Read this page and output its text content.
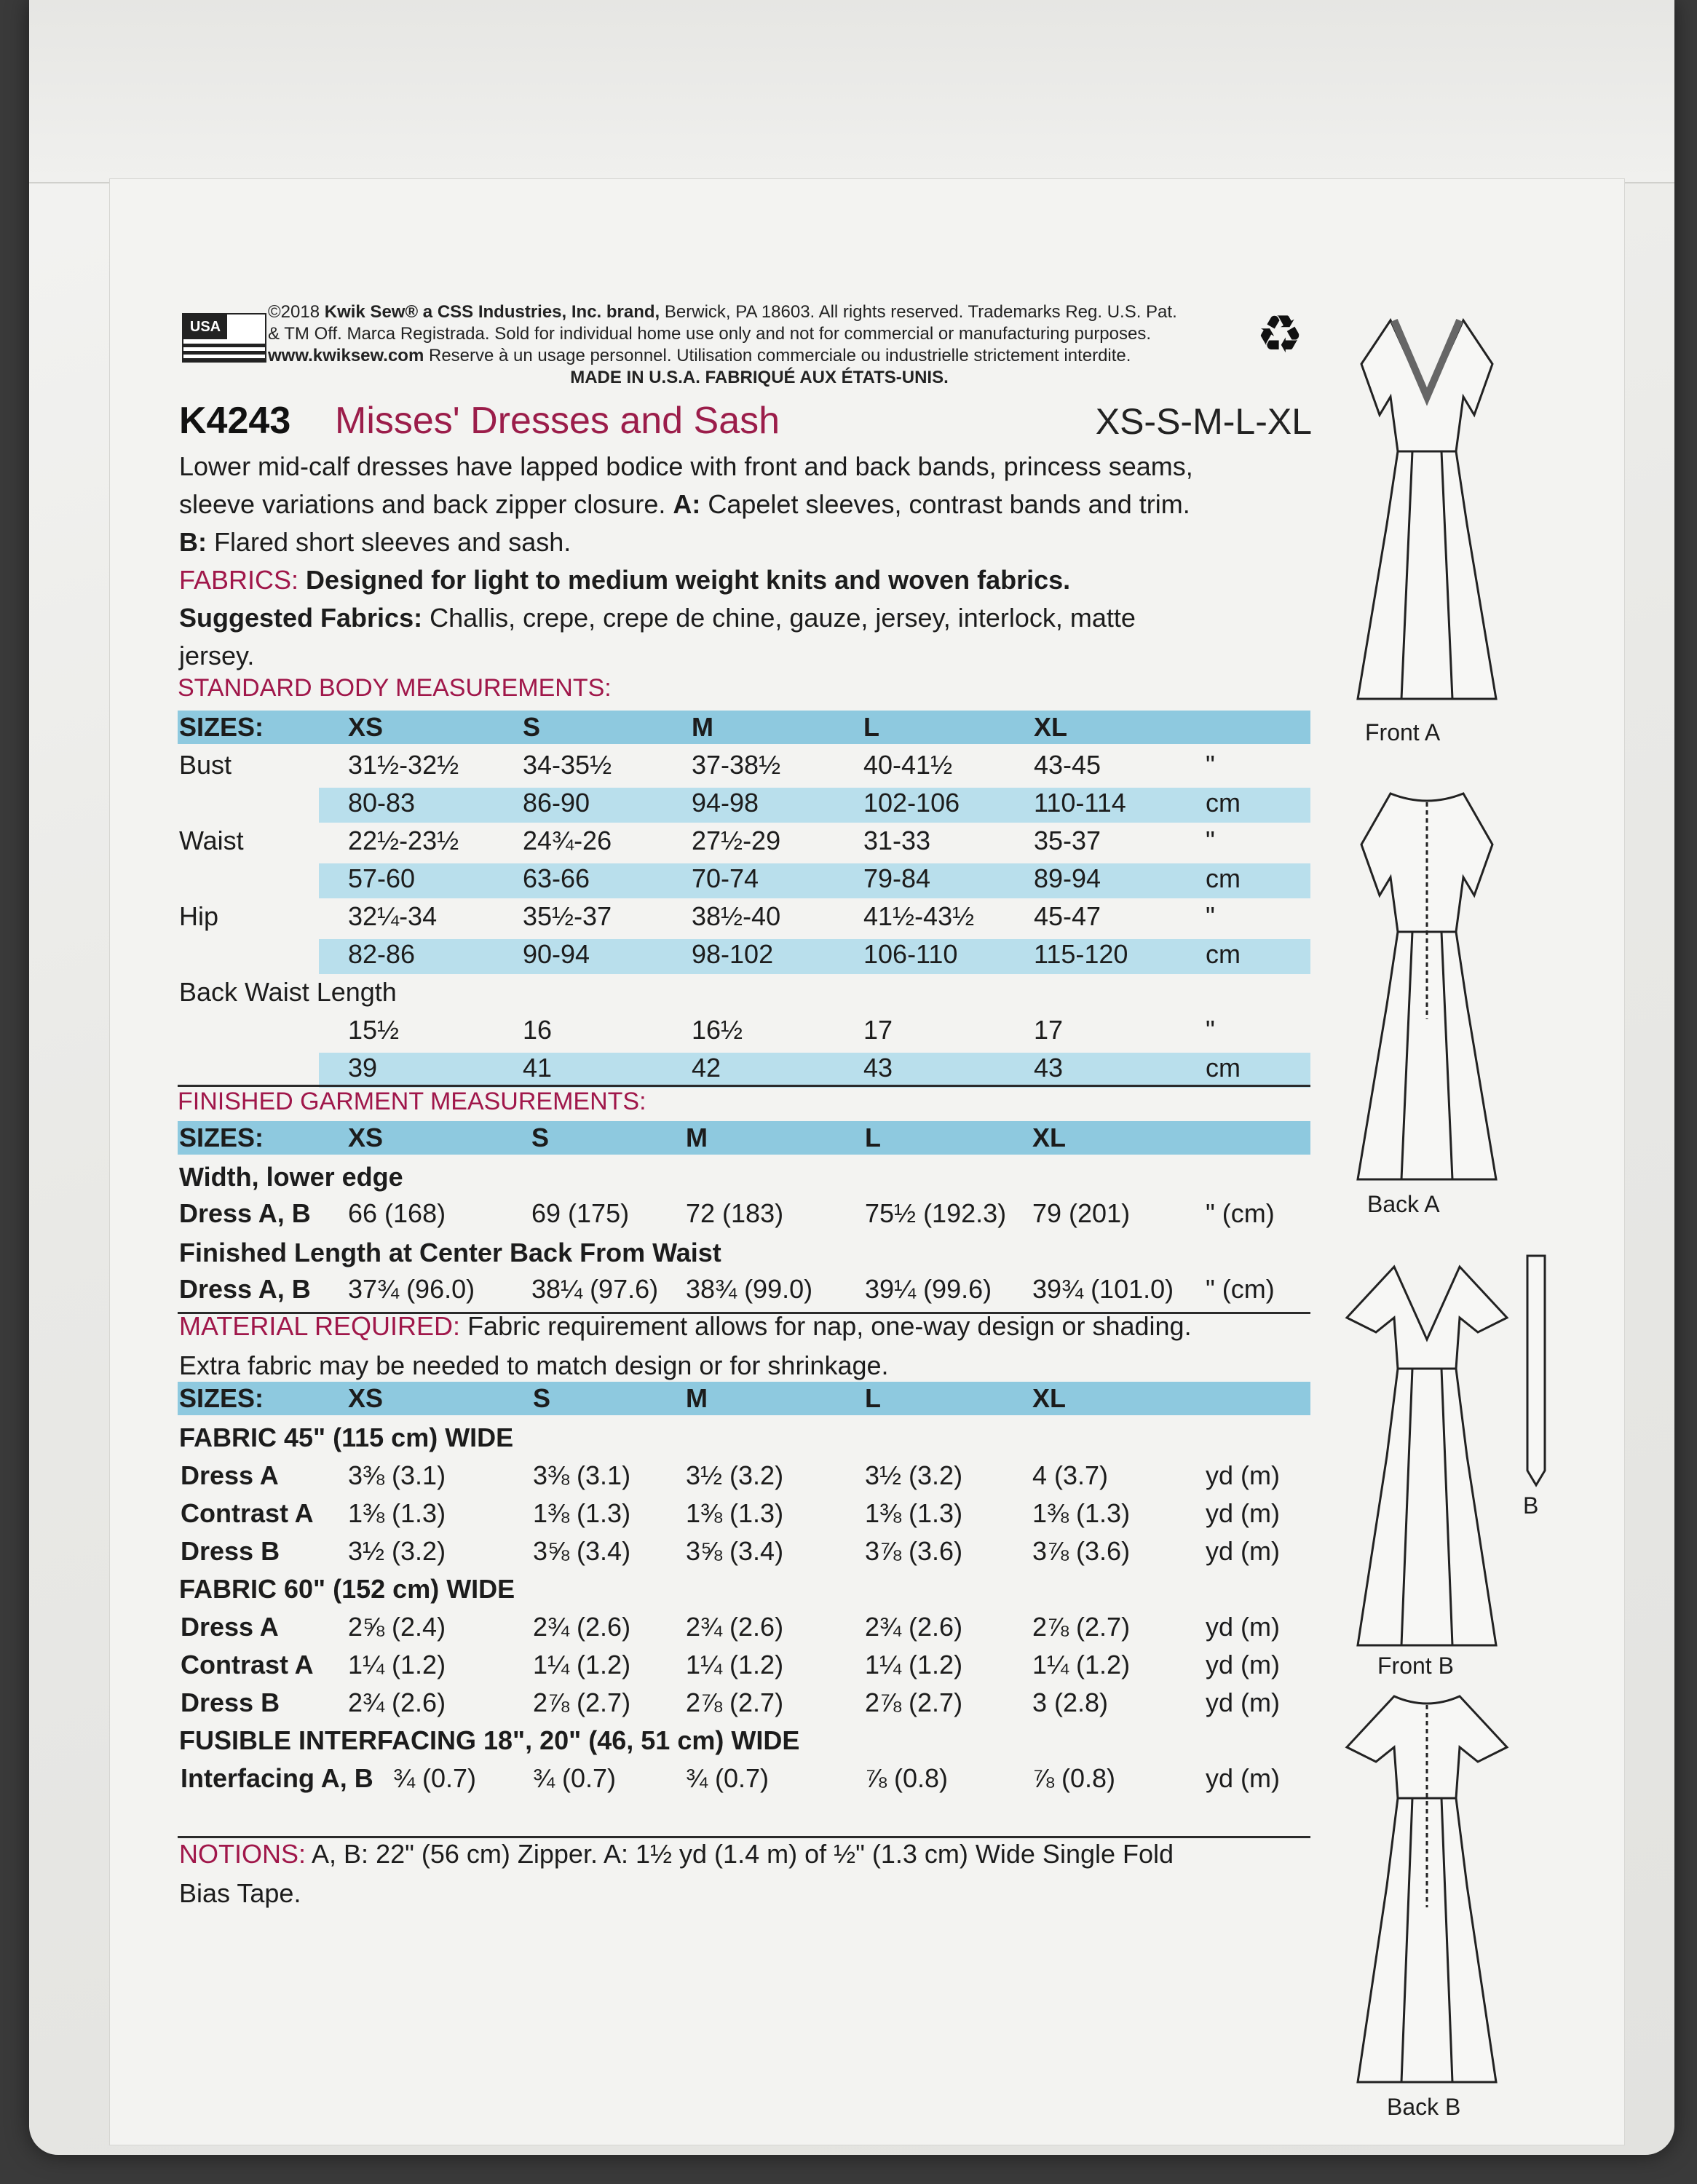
USA
©2018 Kwik Sew® a CSS Industries, Inc. brand, Berwick, PA 18603. All rights reserved. Trademarks Reg. U.S. Pat.
& TM Off. Marca Registrada. Sold for individual home use only and not for commercial or manufacturing purposes.
www.kwiksew.com Reserve à un usage personnel. Utilisation commerciale ou industrielle strictement interdite.
MADE IN U.S.A. FABRIQUÉ AUX ÉTATS-UNIS.
♻
K4243 Misses' Dresses and Sash	XS-S-M-L-XL
Lower mid-calf dresses have lapped bodice with front and back bands, princess seams,
sleeve variations and back zipper closure. A: Capelet sleeves, contrast bands and trim.
B: Flared short sleeves and sash.
FABRICS: Designed for light to medium weight knits and woven fabrics.
Suggested Fabrics: Challis, crepe, crepe de chine, gauze, jersey, interlock, matte
jersey.
STANDARD BODY MEASUREMENTS:
SIZES:	XS	S	M	L	XL
Bust	31½-32½ 34-35½	37-38½	40-41½	43-45	"
80-83	86-90	94-98	102-106	110-114	cm
Waist	22½-23½ 24¾-26	27½-29	31-33	35-37	"
57-60	63-66	70-74	79-84	89-94	cm
Hip	32¼-34	35½-37	38½-40	41½-43½ 45-47	"
82-86	90-94	98-102	106-110	115-120	cm
Back Waist Length
15½	16	16½	17	17	"
39	41	42	43	43	cm
FINISHED GARMENT MEASUREMENTS:
SIZES:	XS	S	M	L	XL
Width, lower edge
Dress A, B 66 (168)	69 (175) 72 (183)	75½ (192.3) 79 (201)	" (cm)
Finished Length at Center Back From Waist
Dress A, B 37¾ (96.0) 38¼ (97.6) 38¾ (99.0) 39¼ (99.6) 39¾ (101.0) " (cm)
MATERIAL REQUIRED: Fabric requirement allows for nap, one-way design or shading.
Extra fabric may be needed to match design or for shrinkage.
SIZES:	XS	S	M	L	XL
FABRIC 45" (115 cm) WIDE
Dress A	3⅜ (3.1)	3⅜ (3.1) 3½ (3.2)	3½ (3.2)	4 (3.7)	yd (m)
Contrast A 1⅜ (1.3)	1⅜ (1.3) 1⅜ (1.3)	1⅜ (1.3)	1⅜ (1.3)	yd (m)
Dress B	3½ (3.2)	3⅝ (3.4) 3⅝ (3.4)	3⅞ (3.6)	3⅞ (3.6)	yd (m)
FABRIC 60" (152 cm) WIDE
Dress A	2⅝ (2.4)	2¾ (2.6) 2¾ (2.6)	2¾ (2.6)	2⅞ (2.7)	yd (m)
Contrast A 1¼ (1.2)	1¼ (1.2) 1¼ (1.2)	1¼ (1.2)	1¼ (1.2)	yd (m)
Dress B	2¾ (2.6)	2⅞ (2.7) 2⅞ (2.7)	2⅞ (2.7)	3 (2.8)	yd (m)
FUSIBLE INTERFACING 18", 20" (46, 51 cm) WIDE
Interfacing A, B ¾ (0.7) ¾ (0.7)	¾ (0.7)	⅞ (0.8)	⅞ (0.8)	yd (m)
NOTIONS: A, B: 22" (56 cm) Zipper. A: 1½ yd (1.4 m) of ½" (1.3 cm) Wide Single Fold
Bias Tape.
Front A
Back A
Front B
B
Back B
